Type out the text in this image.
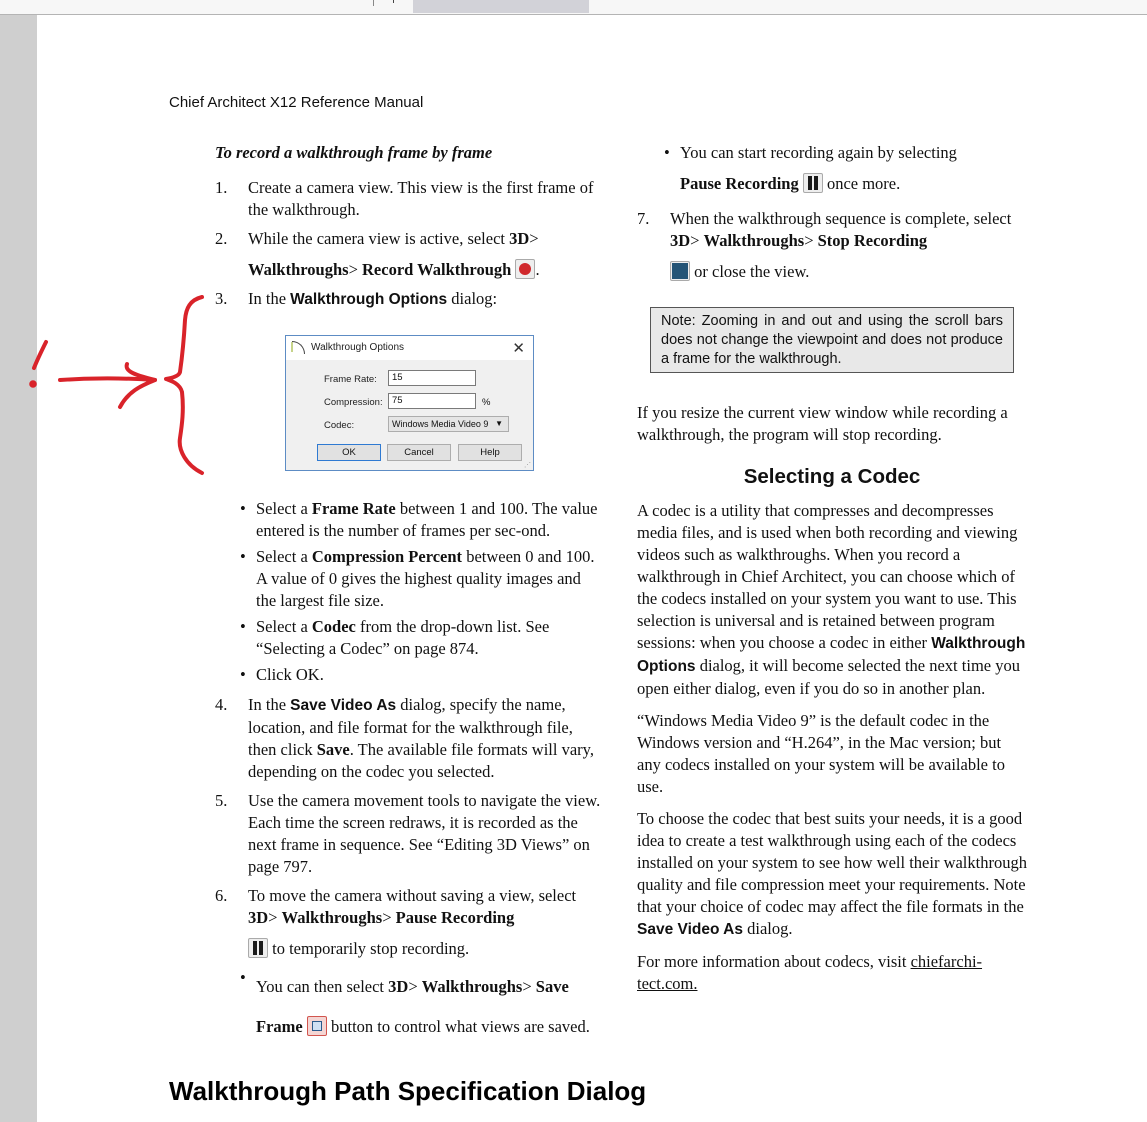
Chief Architect X12 Reference Manual
To record a walkthrough frame by frame
1. Create a camera view. This view is the first frame of the walkthrough.
2. While the camera view is active, select 3D> Walkthroughs> Record Walkthrough .
3. In the Walkthrough Options dialog:
• Select a Frame Rate between 1 and 100. The value entered is the number of frames per sec-ond.
• Select a Compression Percent between 0 and 100. A value of 0 gives the highest quality images and the largest file size.
• Select a Codec from the drop-down list. See “Selecting a Codec” on page 874.
• Click OK.
4. In the Save Video As dialog, specify the name, location, and file format for the walkthrough file, then click Save. The available file formats will vary, depending on the codec you selected.
5. Use the camera movement tools to navigate the view. Each time the screen redraws, it is recorded as the next frame in sequence. See “Editing 3D Views” on page 797.
6. To move the camera without saving a view, select 3D> Walkthroughs> Pause Recording
to temporarily stop recording.
• You can then select 3D> Walkthroughs> Save Frame
button to control what views are saved.
Walkthrough Options	✕
Frame Rate:	15
Compression: 75	%
Codec:	Windows Media Video 9 ▼
OK	Cancel	Help
⋰
• You can start recording again by selecting
Pause Recording
once more.
7. When the walkthrough sequence is complete, select 3D> Walkthroughs> Stop Recording
or close the view.
If you resize the current view window while recording a walkthrough, the program will stop recording.
Selecting a Codec
A codec is a utility that compresses and decompresses media files, and is used when both recording and viewing videos such as walkthroughs. When you record a walkthrough in Chief Architect, you can choose which of the codecs installed on your system you want to use. This selection is universal and is retained between program sessions: when you choose a codec in either Walkthrough Options dialog, it will become selected the next time you open either dialog, even if you do so in another plan.
“Windows Media Video 9” is the default codec in the Windows version and “H.264”, in the Mac version; but any codecs installed on your system will be available to use.
To choose the codec that best suits your needs, it is a good idea to create a test walkthrough using each of the codecs installed on your system to see how well their walkthrough quality and file compression meet your requirements. Note that your choice of codec may affect the file formats in the Save Video As dialog.
For more information about codecs, visit chiefarchi-tect.com.
Note: Zooming in and out and using the scroll bars does not change the viewpoint and does not produce a frame for the walkthrough.
Walkthrough Path Specification Dialog
